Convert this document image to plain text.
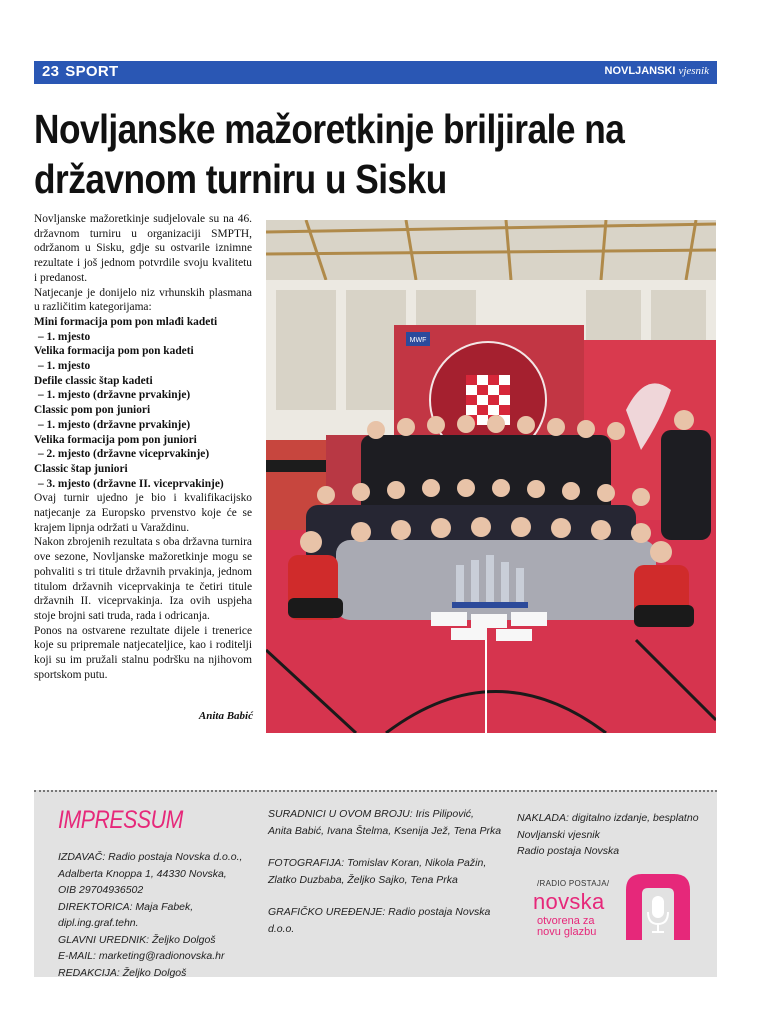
23 SPORT	NOVLJANSKI vjesnik
Novljanske mažoretkinje briljirale na
državnom turniru u Sisku

Novljanske mažoretkinje sudjelovale su na 46. državnom turniru u organizaciji SMPTH, održanom u Sisku, gdje su ostvarile iznimne rezultate i još jednom potvrdile svoju kvalitetu i predanost.

Natjecanje je donijelo niz vrhunskih plasmana u različitim kategorijama:

Mini formacija pom pon mlađi kadeti

– 1. mjesto

Velika formacija pom pon kadeti

– 1. mjesto

Defile classic štap kadeti

– 1. mjesto (državne prvakinje)

Classic pom pon juniori

– 1. mjesto (državne prvakinje)

Velika formacija pom pon juniori

– 2. mjesto (državne viceprvakinje)

Classic štap juniori

– 3. mjesto (državne II. viceprvakinje)

Ovaj turnir ujedno je bio i kvalifikacijsko natjecanje za Europsko prvenstvo koje će se krajem lipnja održati u Varaždinu.

Nakon zbrojenih rezultata s oba državna turnira ove sezone, Novljanske mažoretkinje mogu se pohvaliti s tri titule državnih prvakinja, jednom titulom državnih viceprvakinja te četiri titule državnih II. viceprvakinja. Iza ovih uspjeha stoje brojni sati truda, rada i odricanja.

Ponos na ostvarene rezultate dijele i trenerice koje su pripremale natjecateljice, kao i roditelji koji su im pružali stalnu podršku na njihovom sportskom putu.

Anita Babić
MWF
IMPRESSUM

IZDAVAČ: Radio postaja Novska d.o.o.,

Adalberta Knoppa 1, 44330 Novska,

OIB 29704936502

DIREKTORICA: Maja Fabek, dipl.ing.graf.tehn.

GLAVNI UREDNIK: Željko Dolgoš

E-MAIL: marketing@radionovska.hr

REDAKCIJA: Željko Dolgoš

SURADNICI U OVOM BROJU: Iris Pilipović,

Anita Babić, Ivana Štelma, Ksenija Jež, Tena Prka

FOTOGRAFIJA: Tomislav Koran, Nikola Pažin,

Zlatko Duzbaba, Željko Sajko, Tena Prka

GRAFIČKO UREĐENJE: Radio postaja Novska d.o.o.

NAKLADA: digitalno izdanje, besplatno

Novljanski vjesnik

Radio postaja Novska

/RADIO POSTAJA/
novska
otvorena za
novu glazbu
